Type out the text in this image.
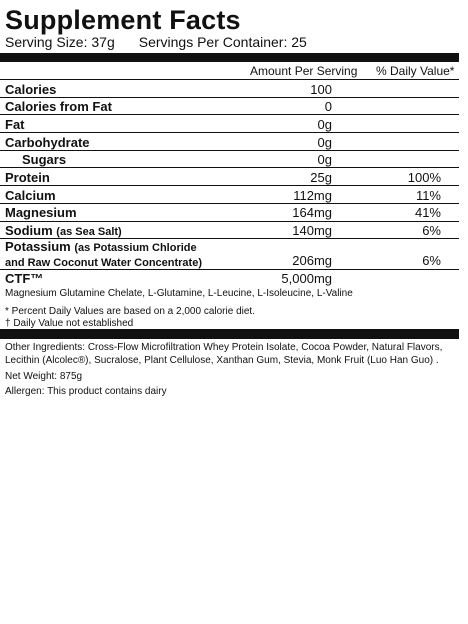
Supplement Facts
Serving Size: 37g Servings Per Container: 25
Amount Per Serving % Daily Value*
Calories	100
Calories from Fat	0
Fat	0g
Carbohydrate	0g
Sugars	0g
Protein	25g	100%
Calcium	112mg	11%
Magnesium	164mg	41%
Sodium (as Sea Salt)	140mg	6%
Potassium (as Potassium Chloride
and Raw Coconut Water Concentrate)	206mg	6%
CTF™	5,000mg
Magnesium Glutamine Chelate, L-Glutamine, L-Leucine, L-Isoleucine, L-Valine
* Percent Daily Values are based on a 2,000 calorie diet.
† Daily Value not established

Other Ingredients: Cross-Flow Microfiltration Whey Protein Isolate, Cocoa Powder, Natural Flavors, Lecithin (Alcolec®), Sucralose, Plant Cellulose, Xanthan Gum, Stevia, Monk Fruit (Luo Han Guo) .

Net Weight: 875g

Allergen: This product contains dairy
